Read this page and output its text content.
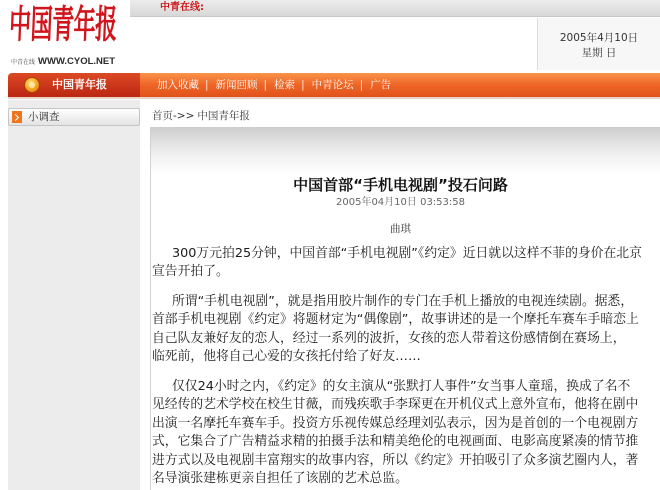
中国青年报
中青在线 WWW.CYOL.NET
中青在线:
2005年4月10日
星期 日
中国青年报	加入收藏 | 新闻回顾 | 检索 | 中青论坛 | 广告
小调查	首页->> 中国青年报
中国首部“手机电视剧”投石问路
2005年04月10日 03:53:58
曲琪
300万元拍25分钟，中国首部“手机电视剧”《约定》近日就以这样不菲的身价在北京
宣告开拍了。
所谓“手机电视剧”，就是指用胶片制作的专门在手机上播放的电视连续剧。据悉，
首部手机电视剧《约定》将题材定为“偶像剧”，故事讲述的是一个摩托车赛车手暗恋上
自己队友兼好友的恋人，经过一系列的波折，女孩的恋人带着这份感情倒在赛场上，
临死前，他将自己心爱的女孩托付给了好友……
仅仅24小时之内，《约定》的女主演从“张默打人事件”女当事人童瑶，换成了名不
见经传的艺术学校在校生甘薇，而残疾歌手李琛更在开机仪式上意外宣布，他将在剧中
出演一名摩托车赛车手。投资方乐视传媒总经理刘弘表示，因为是首创的一个电视剧方
式，它集合了广告精益求精的拍摄手法和精美绝伦的电视画面、电影高度紧凑的情节推
进方式以及电视剧丰富翔实的故事内容，所以《约定》开拍吸引了众多演艺圈内人，著
名导演张建栋更亲自担任了该剧的艺术总监。
